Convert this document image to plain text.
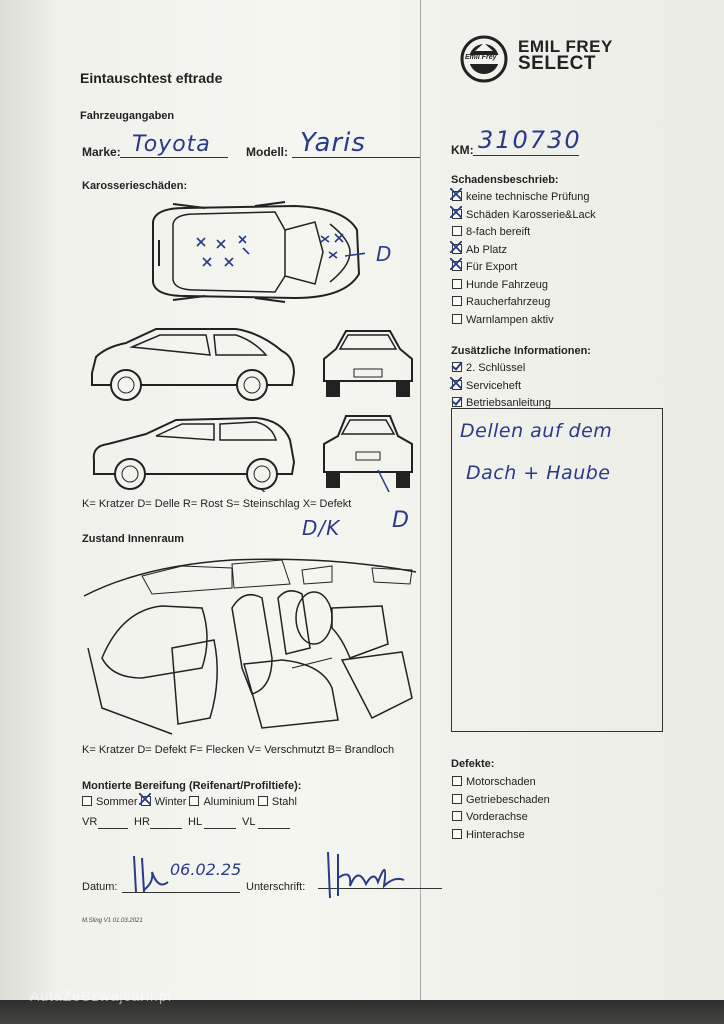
Emil Frey
EMIL FREY
SELECT
Eintauschtest eftrade
Fahrzeugangaben
Marke: Toyota	Modell: Yaris	KM: 310730
Karosserieschäden:
D
K= Kratzer D= Delle R= Rost S= Steinschlag X= Defekt
D/K D
Zustand Innenraum
K= Kratzer D= Defekt F= Flecken V= Verschmutzt B= Brandloch
Montierte Bereifung (Reifenart/Profiltiefe):
Sommer Winter Aluminium Stahl
VR	HR	HL	VL
Datum:
06.02.25
Unterschrift:
M.Sling V1 01.03.2021
Schadensbeschrieb:
keine technische Prüfung
Schäden Karosserie&Lack
8-fach bereift
Ab Platz
Für Export
Hunde Fahrzeug
Raucherfahrzeug
Warnlampen aktiv
Zusätzliche Informationen:
2. Schlüssel
Serviceheft
Betriebsanleitung
Dellen auf dem
Dach + Haube
Defekte:
Motorschaden
Getriebeschaden
Vorderachse
Hinterachse
AutaZeSzwajcarii.pl
